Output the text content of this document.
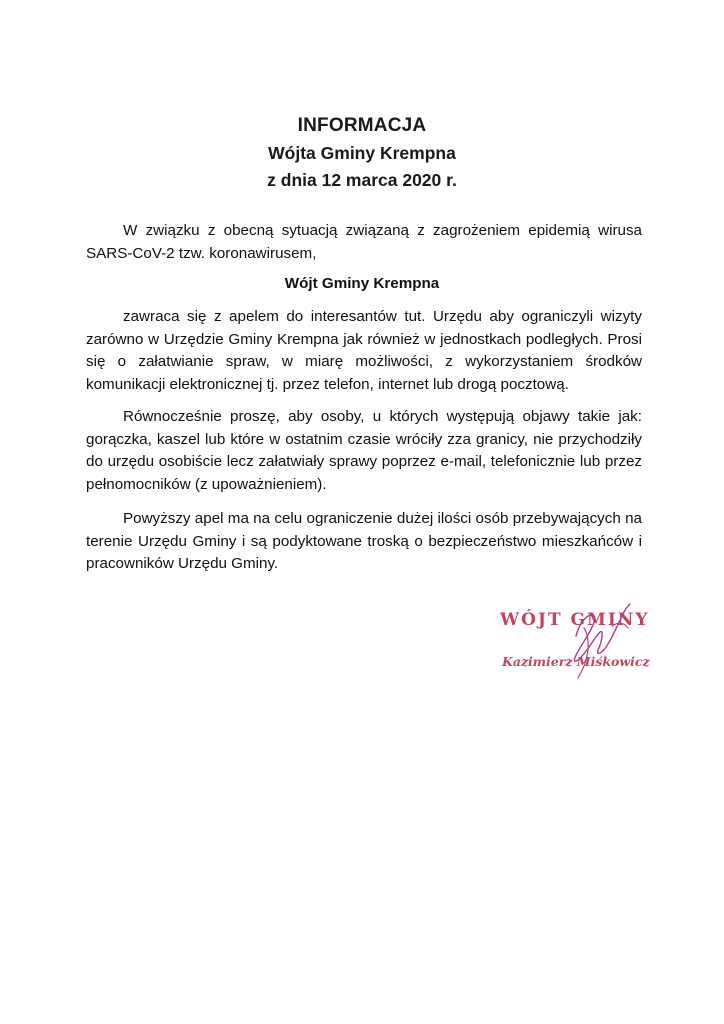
INFORMACJA
Wójta Gminy Krempna
z dnia 12 marca 2020 r.

W związku z obecną sytuacją związaną z zagrożeniem epidemią wirusa SARS-CoV-2 tzw. koronawirusem,

Wójt Gminy Krempna

zawraca się z apelem do interesantów tut. Urzędu aby ograniczyli wizyty zarówno w Urzędzie Gminy Krempna jak również w jednostkach podległych. Prosi się o załatwianie spraw, w miarę możliwości, z wykorzystaniem środków komunikacji elektronicznej tj. przez telefon, internet lub drogą pocztową.

Równocześnie proszę, aby osoby, u których występują objawy takie jak: gorączka, kaszel lub które w ostatnim czasie wróciły zza granicy, nie przychodziły do urzędu osobiście lecz załatwiały sprawy poprzez e-mail, telefonicznie lub przez pełnomocników (z upoważnieniem).

Powyższy apel ma na celu ograniczenie dużej ilości osób przebywających na terenie Urzędu Gminy i są podyktowane troską o bezpieczeństwo mieszkańców i pracowników Urzędu Gminy.

WÓJT GMINY

Kazimierz Miśkowicz
